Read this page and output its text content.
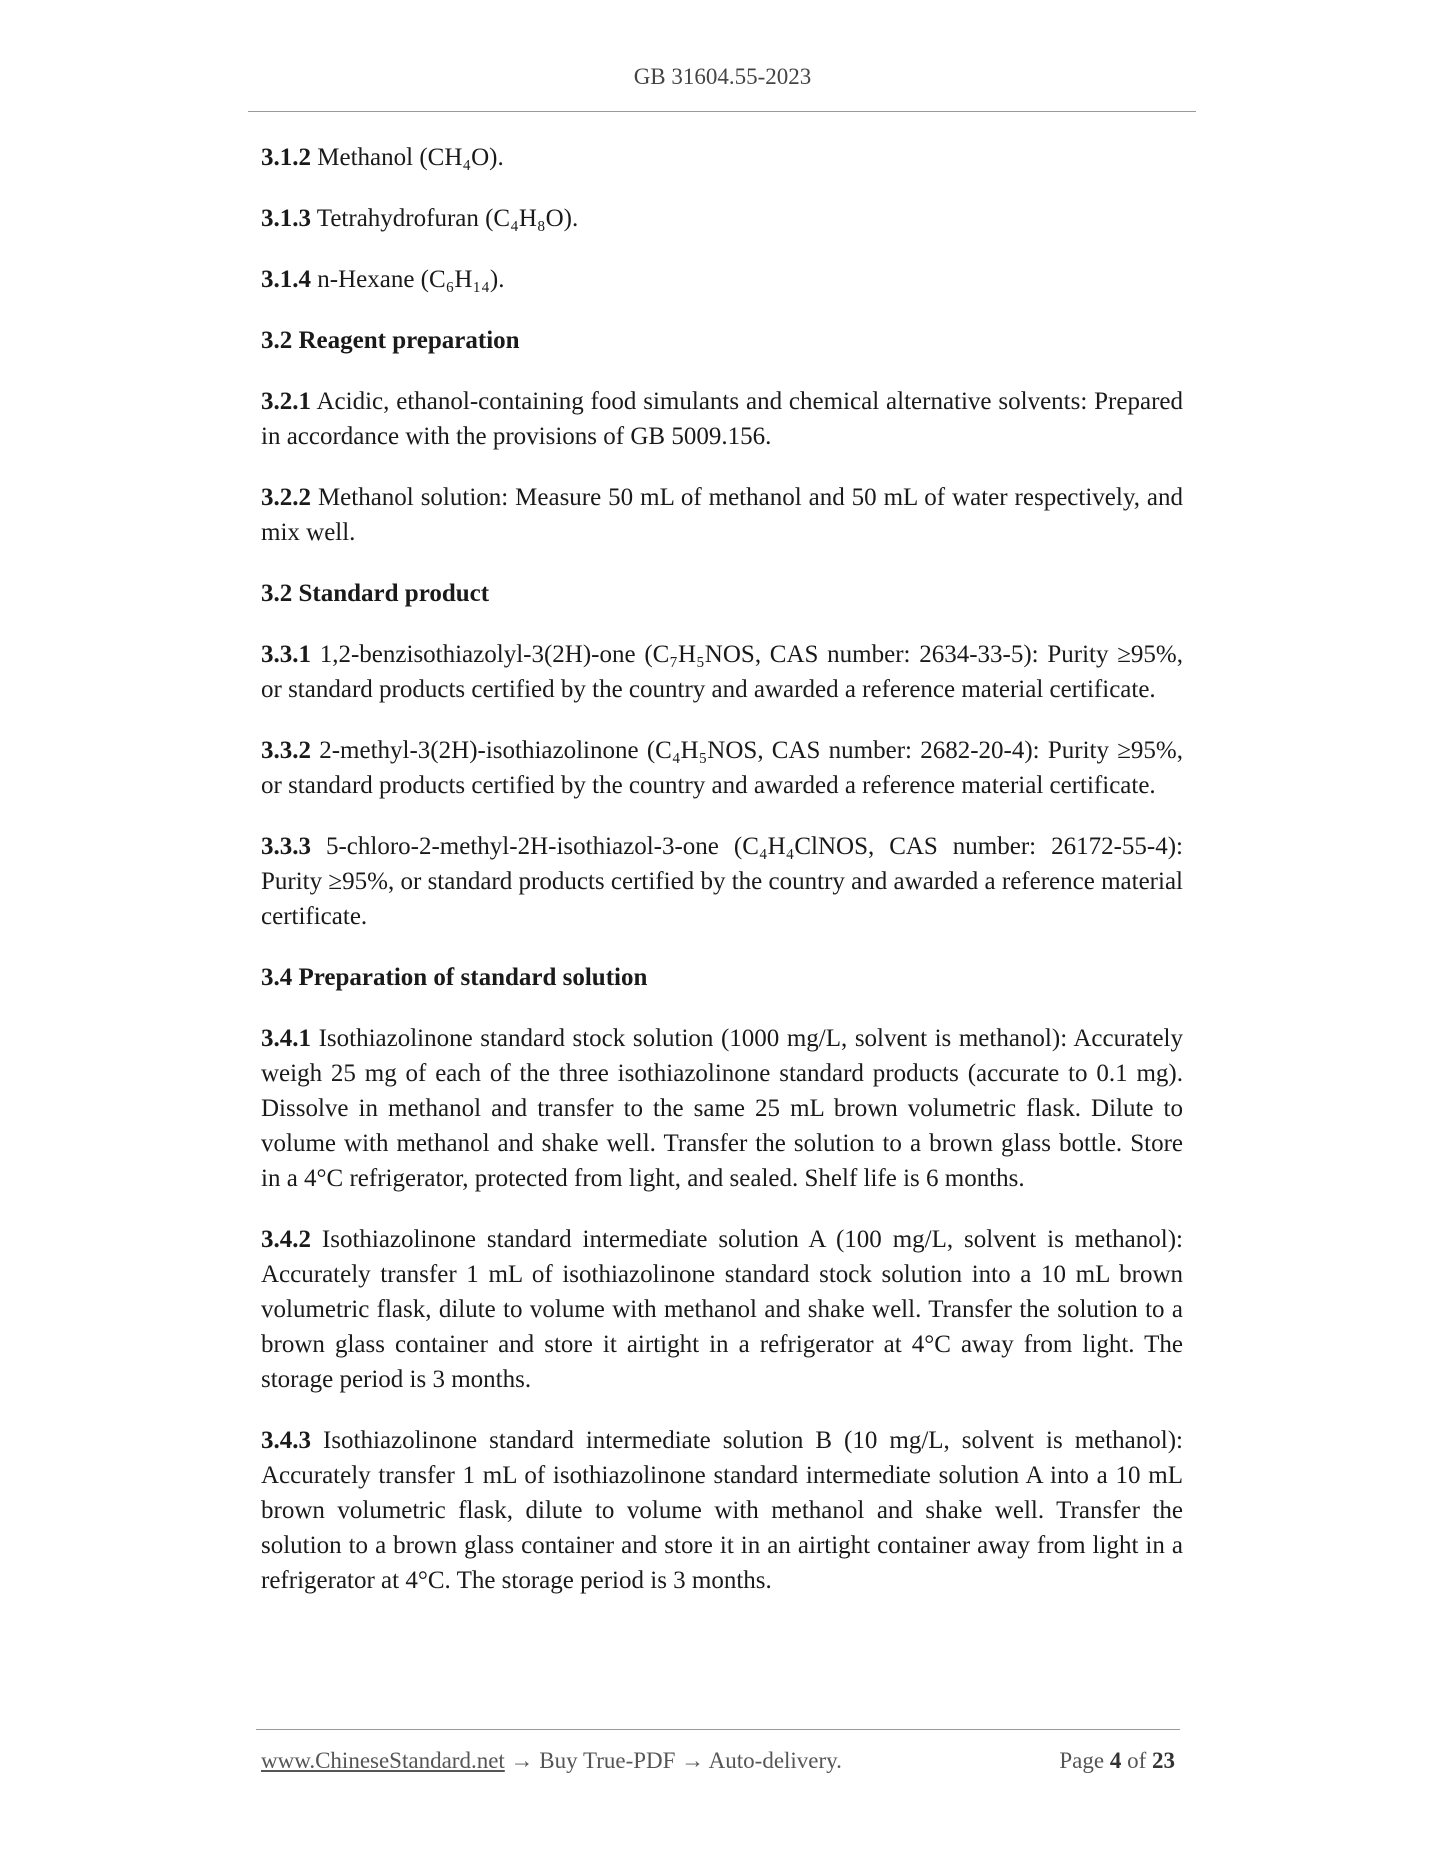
GB 31604.55-2023

3.1.2 Methanol (CH₄O).

3.1.3 Tetrahydrofuran (C₄H₈O).

3.1.4 n-Hexane (C₆H₁₄).

3.2 Reagent preparation

3.2.1 Acidic, ethanol-containing food simulants and chemical alternative solvents: Prepared in accordance with the provisions of GB 5009.156.

3.2.2 Methanol solution: Measure 50 mL of methanol and 50 mL of water respectively, and mix well.

3.2 Standard product

3.3.1 1,2-benzisothiazolyl-3(2H)-one (C₇H₅NOS, CAS number: 2634-33-5): Purity ≥95%, or standard products certified by the country and awarded a reference material certificate.

3.3.2 2-methyl-3(2H)-isothiazolinone (C₄H₅NOS, CAS number: 2682-20-4): Purity ≥95%, or standard products certified by the country and awarded a reference material certificate.

3.3.3 5-chloro-2-methyl-2H-isothiazol-3-one (C₄H₄ClNOS, CAS number: 26172-55-4): Purity ≥95%, or standard products certified by the country and awarded a reference material certificate.

3.4 Preparation of standard solution

3.4.1 Isothiazolinone standard stock solution (1000 mg/L, solvent is methanol): Accurately weigh 25 mg of each of the three isothiazolinone standard products (accurate to 0.1 mg). Dissolve in methanol and transfer to the same 25 mL brown volumetric flask. Dilute to volume with methanol and shake well. Transfer the solution to a brown glass bottle. Store in a 4°C refrigerator, protected from light, and sealed. Shelf life is 6 months.

3.4.2 Isothiazolinone standard intermediate solution A (100 mg/L, solvent is methanol): Accurately transfer 1 mL of isothiazolinone standard stock solution into a 10 mL brown volumetric flask, dilute to volume with methanol and shake well. Transfer the solution to a brown glass container and store it airtight in a refrigerator at 4°C away from light. The storage period is 3 months.

3.4.3 Isothiazolinone standard intermediate solution B (10 mg/L, solvent is methanol): Accurately transfer 1 mL of isothiazolinone standard intermediate solution A into a 10 mL brown volumetric flask, dilute to volume with methanol and shake well. Transfer the solution to a brown glass container and store it in an airtight container away from light in a refrigerator at 4°C. The storage period is 3 months.

www.ChineseStandard.net → Buy True-PDF → Auto-delivery.	Page 4 of 23
